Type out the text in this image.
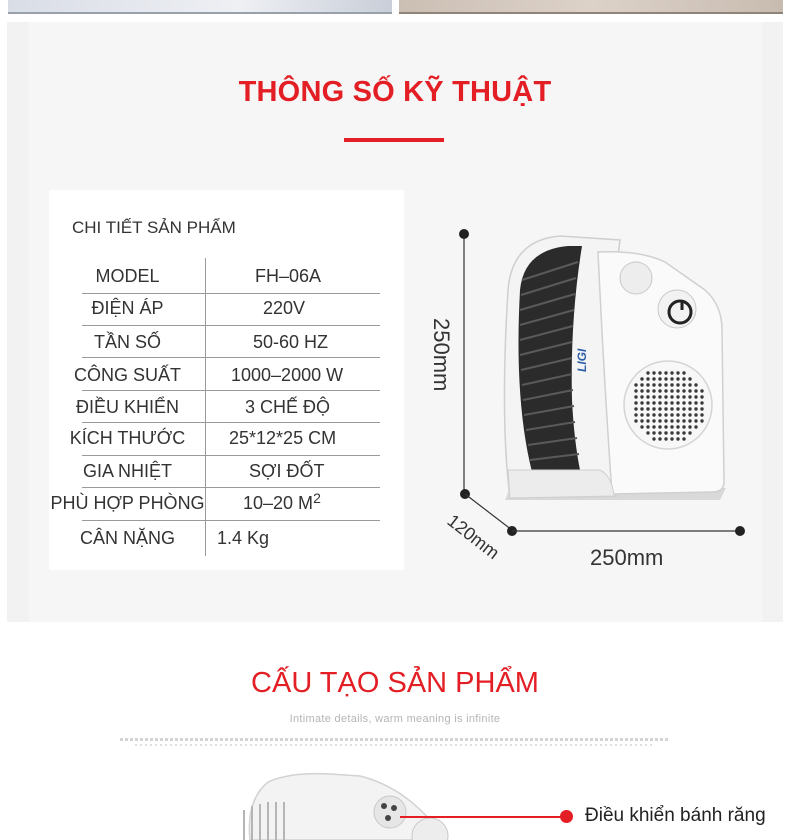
THÔNG SỐ KỸ THUẬT
CHI TIẾT SẢN PHẨM
MODEL	FH–06A
ĐIỆN ÁP	220V
TẦN SỐ	50-60 HZ
CÔNG SUẤT	1000–2000 W
ĐIỀU KHIỂN	3 CHẾ ĐỘ
KÍCH THƯỚC	25*12*25 CM
GIA NHIỆT	SỢI ĐỐT
PHÙ HỢP PHÒNG 10–20 $M^2$
CÂN NẶNG	1.4 Kg
250mm
120mm	250mm
LIGI
CẤU TẠO SẢN PHẨM
Intimate details, warm meaning is infinite
Điều khiển bánh răng
